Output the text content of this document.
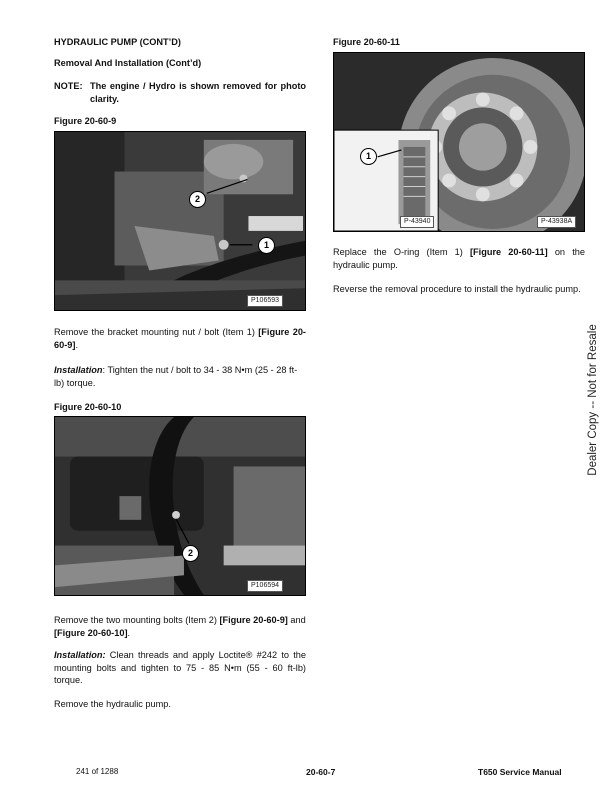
HYDRAULIC PUMP (CONT’D)
Removal And Installation (Cont’d)
NOTE: The engine / Hydro is shown removed for photo clarity.
Figure 20-60-9
2
1
P106593
Remove the bracket mounting nut / bolt (Item 1) [Figure 20-60-9].
Installation: Tighten the nut / bolt to 34 - 38 N•m (25 - 28 ft-lb) torque.
Figure 20-60-10
2
P106594
Remove the two mounting bolts (Item 2) [Figure 20-60-9] and [Figure 20-60-10].
Installation: Clean threads and apply Loctite® #242 to the mounting bolts and tighten to 75 - 85 N•m (55 - 60 ft-lb) torque.
Remove the hydraulic pump.
Figure 20-60-11
1
P-43940	P-43938A
Replace the O-ring (Item 1) [Figure 20-60-11] on the hydraulic pump.
Reverse the removal procedure to install the hydraulic pump.
Dealer Copy -- Not for Resale
241 of 1288	20-60-7	T650 Service Manual
